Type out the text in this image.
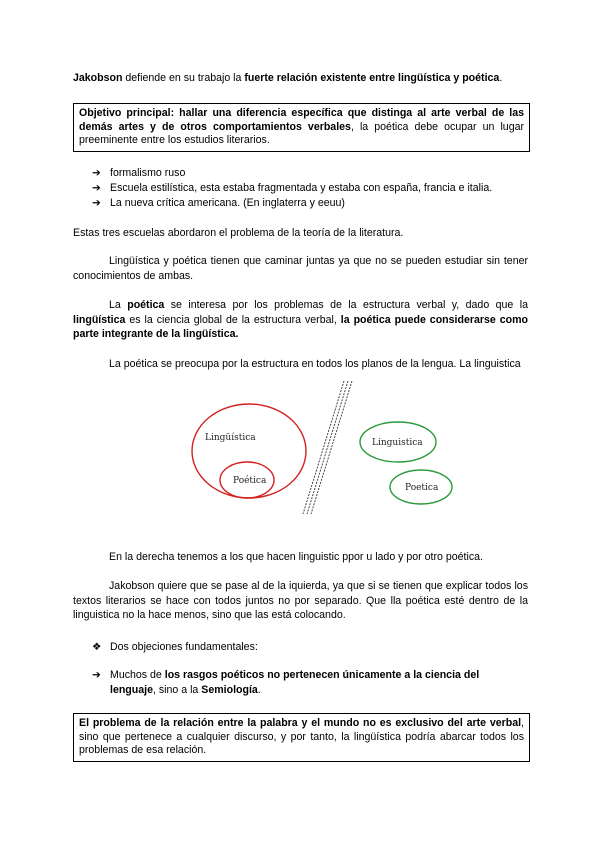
Jakobson defiende en su trabajo la fuerte relación existente entre lingüística y poética.

Objetivo principal: hallar una diferencia específica que distinga al arte verbal de las demás artes y de otros comportamientos verbales, la poética debe ocupar un lugar preeminente entre los estudios literarios.
➔ formalismo ruso
➔ Escuela estilística, esta estaba fragmentada y estaba con españa, francia e italia.
➔ La nueva crítica americana. (En inglaterra y eeuu)

Estas tres escuelas abordaron el problema de la teoría de la literatura.

Lingüística y poética tienen que caminar juntas ya que no se pueden estudiar sin tener conocimientos de ambas.

La poética se interesa por los problemas de la estructura verbal y, dado que la lingüística es la ciencia global de la estructura verbal, la poética puede considerarse como parte integrante de la lingüística.

La poética se preocupa por la estructura en todos los planos de la lengua. La linguistica

Lingüística
Poética
Linguistica
Poetica

En la derecha tenemos a los que hacen linguistic ppor u lado y por otro poética.

Jakobson quiere que se pase al de la iquierda, ya que si se tienen que explicar todos los textos literarios se hace con todos juntos no por separado. Que lla poética esté dentro de la linguistica no la hace menos, sino que las está colocando.

❖ Dos objeciones fundamentales:
➔ Muchos de los rasgos poéticos no pertenecen únicamente a la ciencia del lenguaje, sino a la Semiología.
El problema de la relación entre la palabra y el mundo no es exclusivo del arte verbal, sino que pertenece a cualquier discurso, y por tanto, la lingüística podría abarcar todos los problemas de esa relación.
